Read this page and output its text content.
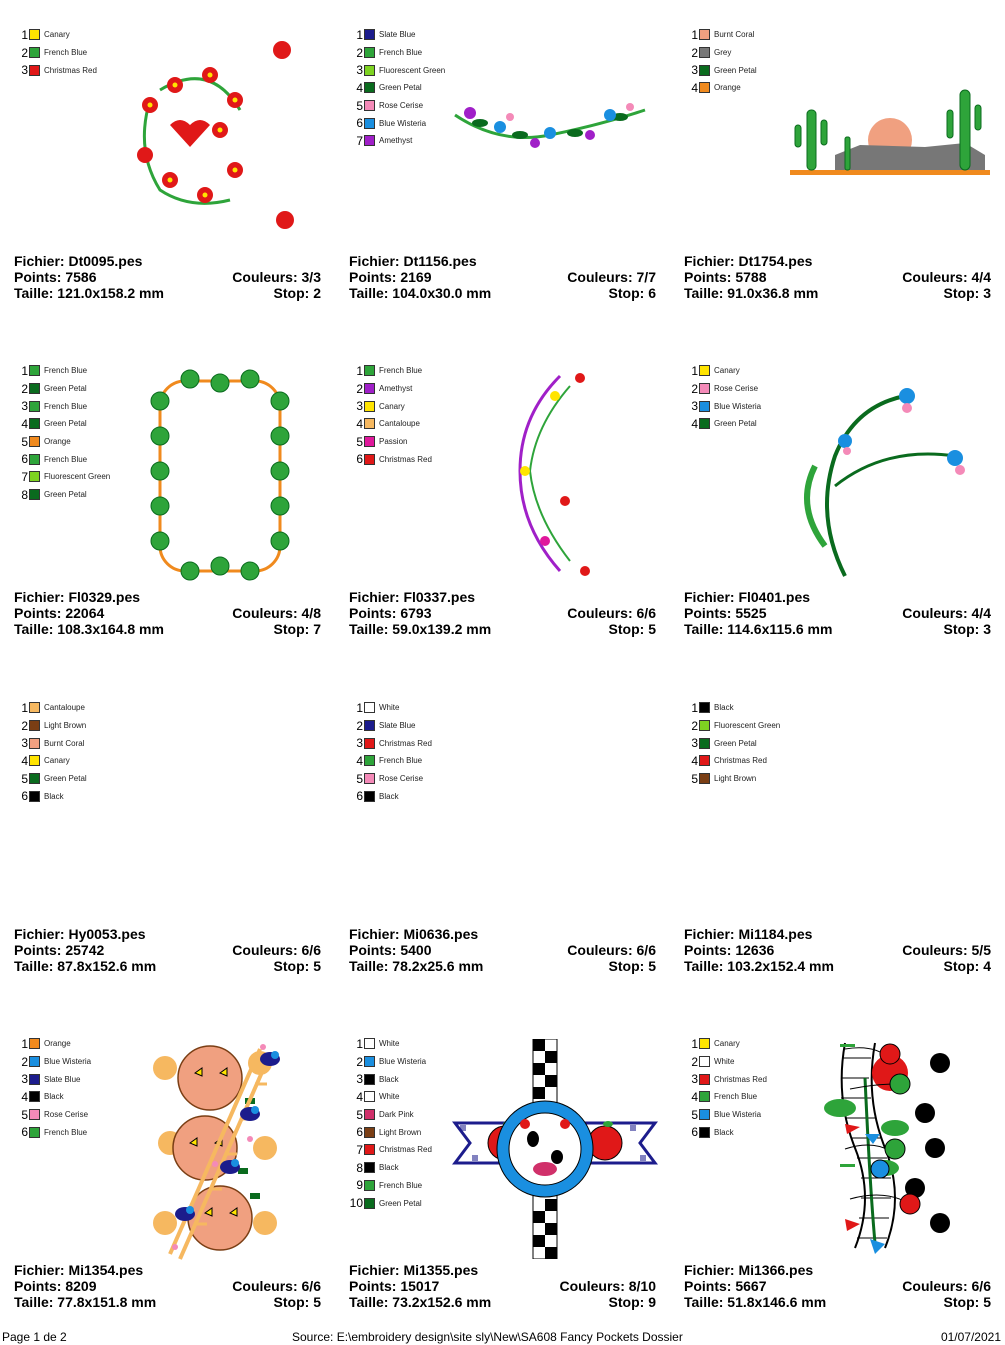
1 Canary
2 French Blue
3 Christmas Red
Fichier: Dt0095.pes
Points: 7586	Couleurs: 3/3
Taille: 121.0x158.2 mm	Stop: 2
1 Slate Blue
2 French Blue
3 Fluorescent Green
4 Green Petal
5 Rose Cerise
6 Blue Wisteria
7 Amethyst
Fichier: Dt1156.pes
Points: 2169	Couleurs: 7/7
Taille: 104.0x30.0 mm	Stop: 6
1 Burnt Coral
2 Grey
3 Green Petal
4 Orange
Fichier: Dt1754.pes
Points: 5788	Couleurs: 4/4
Taille: 91.0x36.8 mm	Stop: 3
1 French Blue
2 Green Petal
3 French Blue
4 Green Petal
5 Orange
6 French Blue
7 Fluorescent Green
8 Green Petal
Fichier: Fl0329.pes
Points: 22064	Couleurs: 4/8
Taille: 108.3x164.8 mm	Stop: 7
1 French Blue
2 Amethyst
3 Canary
4 Cantaloupe
5 Passion
6 Christmas Red
Fichier: Fl0337.pes
Points: 6793	Couleurs: 6/6
Taille: 59.0x139.2 mm	Stop: 5
1 Canary
2 Rose Cerise
3 Blue Wisteria
4 Green Petal
Fichier: Fl0401.pes
Points: 5525	Couleurs: 4/4
Taille: 114.6x115.6 mm	Stop: 3
1 Cantaloupe
2 Light Brown
3 Burnt Coral
4 Canary
5 Green Petal
6 Black
Fichier: Hy0053.pes
Points: 25742	Couleurs: 6/6
Taille: 87.8x152.6 mm	Stop: 5
1 White
2 Slate Blue
3 Christmas Red
4 French Blue
5 Rose Cerise
6 Black
Fichier: Mi0636.pes
Points: 5400	Couleurs: 6/6
Taille: 78.2x25.6 mm	Stop: 5
1 Black
2 Fluorescent Green
3 Green Petal
4 Christmas Red
5 Light Brown
Fichier: Mi1184.pes
Points: 12636	Couleurs: 5/5
Taille: 103.2x152.4 mm	Stop: 4
1 Orange
2 Blue Wisteria
3 Slate Blue
4 Black
5 Rose Cerise
6 French Blue
Fichier: Mi1354.pes
Points: 8209	Couleurs: 6/6
Taille: 77.8x151.8 mm	Stop: 5
1 White
2 Blue Wisteria
3 Black
4 White
5 Dark Pink
6 Light Brown
7 Christmas Red
8 Black
9 French Blue
10 Green Petal
Fichier: Mi1355.pes
Points: 15017	Couleurs: 8/10
Taille: 73.2x152.6 mm	Stop: 9
1 Canary
2 White
3 Christmas Red
4 French Blue
5 Blue Wisteria
6 Black
Fichier: Mi1366.pes
Points: 5667	Couleurs: 6/6
Taille: 51.8x146.6 mm	Stop: 5
Page 1 de 2	Source: E:\embroidery design\site sly\New\SA608 Fancy Pockets Dossier	01/07/2021
